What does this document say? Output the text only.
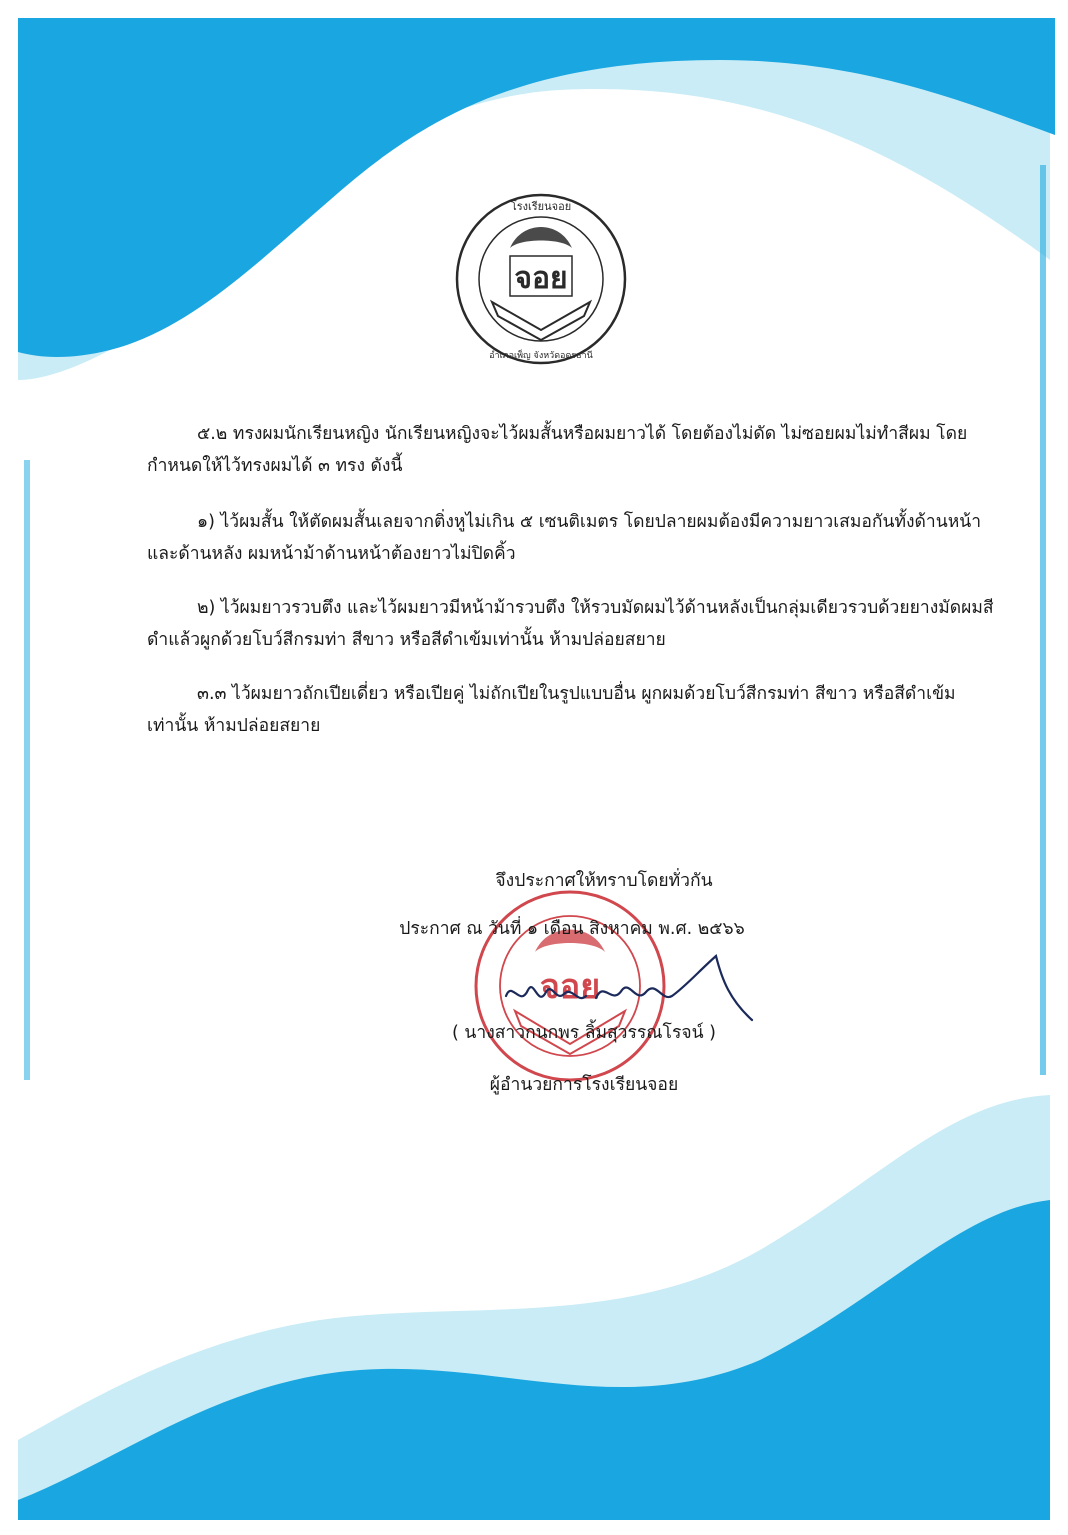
จอย
โรงเรียนจอย
อำเภอเพ็ญ จังหวัดอุดรธานี

๕.๒ ทรงผมนักเรียนหญิง นักเรียนหญิงจะไว้ผมสั้นหรือผมยาวได้ โดยต้องไม่ดัด ไม่ซอยผมไม่ทำสีผม โดยกำหนดให้ไว้ทรงผมได้ ๓ ทรง ดังนี้

๑) ไว้ผมสั้น ให้ตัดผมสั้นเลยจากติ่งหูไม่เกิน ๕ เซนติเมตร โดยปลายผมต้องมีความยาวเสมอกันทั้งด้านหน้าและด้านหลัง ผมหน้าม้าด้านหน้าต้องยาวไม่ปิดคิ้ว

๒) ไว้ผมยาวรวบตึง และไว้ผมยาวมีหน้าม้ารวบตึง ให้รวบมัดผมไว้ด้านหลังเป็นกลุ่มเดียวรวบด้วยยางมัดผมสีดำแล้วผูกด้วยโบว์สีกรมท่า สีขาว หรือสีดำเข้มเท่านั้น ห้ามปล่อยสยาย

๓.๓ ไว้ผมยาวถักเปียเดี่ยว หรือเปียคู่ ไม่ถักเปียในรูปแบบอื่น ผูกผมด้วยโบว์สีกรมท่า สีขาว หรือสีดำเข้มเท่านั้น ห้ามปล่อยสยาย

จอย
จึงประกาศให้ทราบโดยทั่วกัน
ประกาศ ณ วันที่ ๑ เดือน สิงหาคม พ.ศ. ๒๕๖๖
( นางสาวกนกพร ลิ้มสุวรรณโรจน์ )
ผู้อำนวยการโรงเรียนจอย
